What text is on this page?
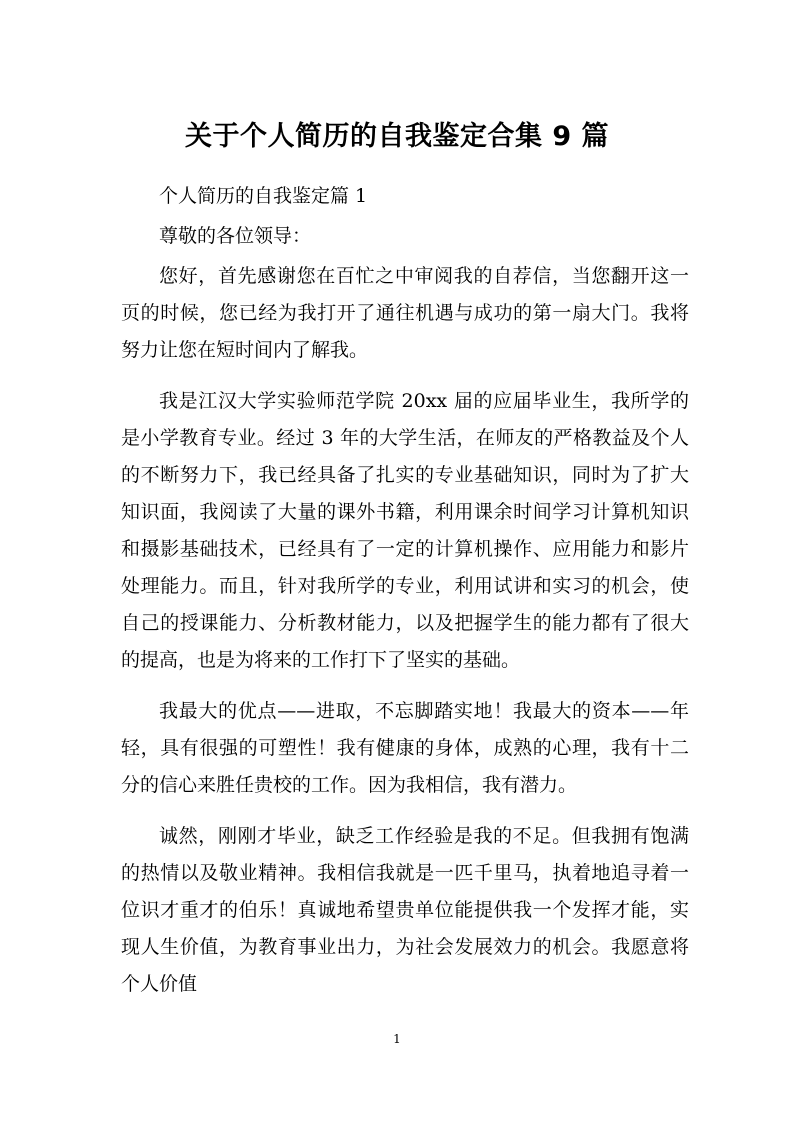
关于个人简历的自我鉴定合集 9 篇

个人简历的自我鉴定篇 1

尊敬的各位领导：

您好，首先感谢您在百忙之中审阅我的自荐信，当您翻开这一页的时候，您已经为我打开了通往机遇与成功的第一扇大门。我将努力让您在短时间内了解我。

我是江汉大学实验师范学院 20xx 届的应届毕业生，我所学的是小学教育专业。经过 3 年的大学生活，在师友的严格教益及个人的不断努力下，我已经具备了扎实的专业基础知识，同时为了扩大知识面，我阅读了大量的课外书籍，利用课余时间学习计算机知识和摄影基础技术，已经具有了一定的计算机操作、应用能力和影片处理能力。而且，针对我所学的专业，利用试讲和实习的机会，使自己的授课能力、分析教材能力，以及把握学生的能力都有了很大的提高，也是为将来的工作打下了坚实的基础。

我最大的优点——进取，不忘脚踏实地！我最大的资本——年轻，具有很强的可塑性！我有健康的身体，成熟的心理，我有十二分的信心来胜任贵校的工作。因为我相信，我有潜力。

诚然，刚刚才毕业，缺乏工作经验是我的不足。但我拥有饱满的热情以及敬业精神。我相信我就是一匹千里马，执着地追寻着一位识才重才的伯乐！真诚地希望贵单位能提供我一个发挥才能，实现人生价值，为教育事业出力，为社会发展效力的机会。我愿意将个人价值

1
